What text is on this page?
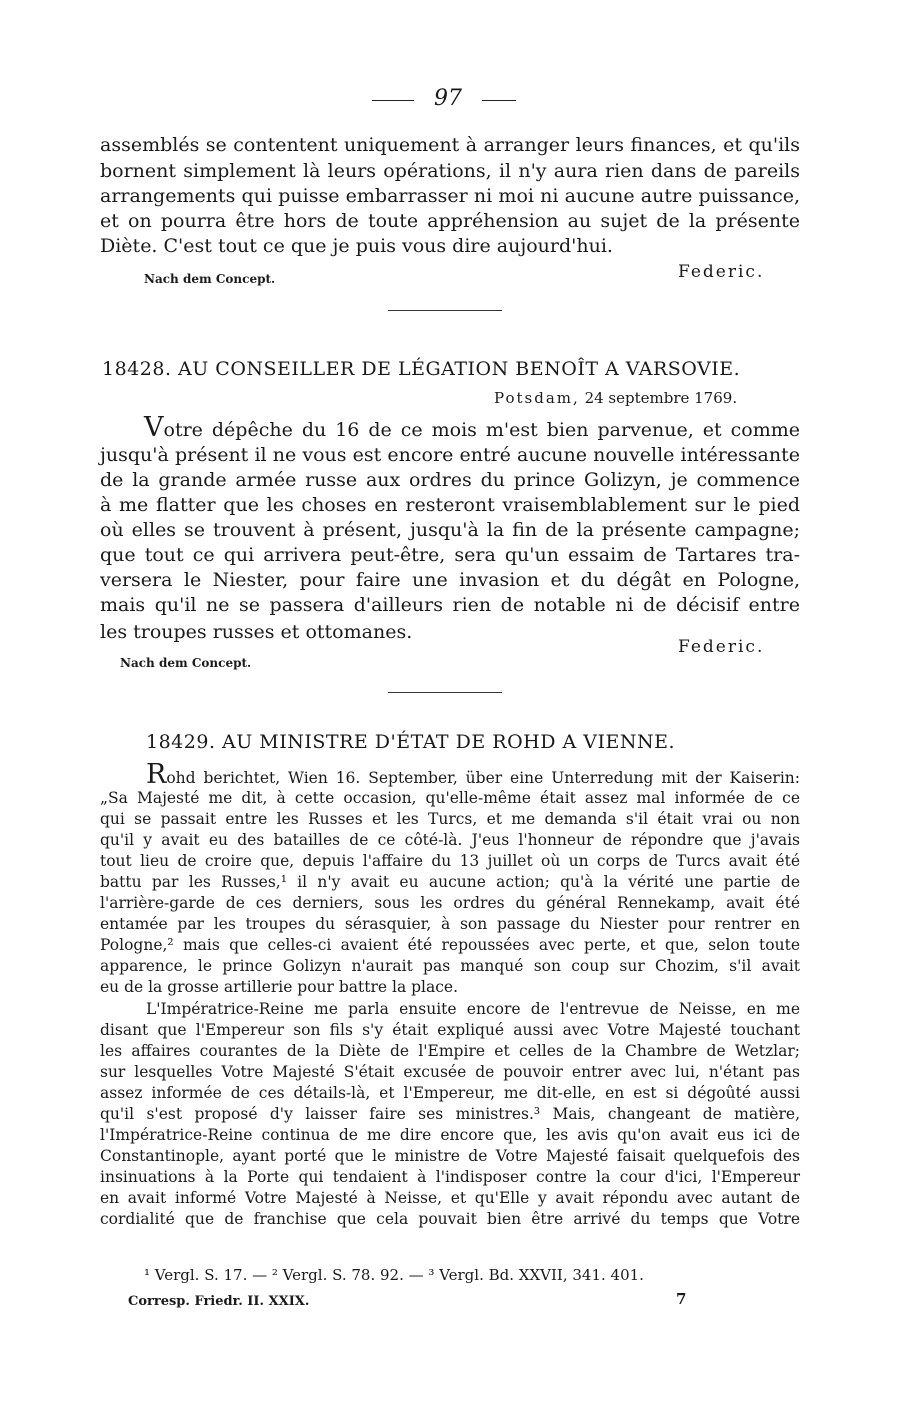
97
assemblés se contentent uniquement à arranger leurs finances, et qu'ils
bornent simplement là leurs opérations, il n'y aura rien dans de pareils
arrangements qui puisse embarrasser ni moi ni aucune autre puissance,
et on pourra être hors de toute appréhension au sujet de la présente
Diète. C'est tout ce que je puis vous dire aujourd'hui.
Nach dem Concept.	Federic.
18428. AU CONSEILLER DE LÉGATION BENOÎT A VARSOVIE.
Potsdam, 24 septembre 1769.
Votre dépêche du 16 de ce mois m'est bien parvenue, et comme
jusqu'à présent il ne vous est encore entré aucune nouvelle intéressante
de la grande armée russe aux ordres du prince Golizyn, je commence
à me flatter que les choses en resteront vraisemblablement sur le pied
où elles se trouvent à présent, jusqu'à la fin de la présente campagne;
que tout ce qui arrivera peut-être, sera qu'un essaim de Tartares tra-
versera le Niester, pour faire une invasion et du dégât en Pologne,
mais qu'il ne se passera d'ailleurs rien de notable ni de décisif entre
les troupes russes et ottomanes.
Federic.
Nach dem Concept.
18429. AU MINISTRE D'ÉTAT DE ROHD A VIENNE.
Rohd berichtet, Wien 16. September, über eine Unterredung mit der Kaiserin:
„Sa Majesté me dit, à cette occasion, qu'elle-même était assez mal informée de ce
qui se passait entre les Russes et les Turcs, et me demanda s'il était vrai ou non
qu'il y avait eu des batailles de ce côté-là. J'eus l'honneur de répondre que j'avais
tout lieu de croire que, depuis l'affaire du 13 juillet où un corps de Turcs avait été
battu par les Russes,¹ il n'y avait eu aucune action; qu'à la vérité une partie de
l'arrière-garde de ces derniers, sous les ordres du général Rennekamp, avait été
entamée par les troupes du sérasquier, à son passage du Niester pour rentrer en
Pologne,² mais que celles-ci avaient été repoussées avec perte, et que, selon toute
apparence, le prince Golizyn n'aurait pas manqué son coup sur Chozim, s'il avait
eu de la grosse artillerie pour battre la place.
L'Impératrice-Reine me parla ensuite encore de l'entrevue de Neisse, en me
disant que l'Empereur son fils s'y était expliqué aussi avec Votre Majesté touchant
les affaires courantes de la Diète de l'Empire et celles de la Chambre de Wetzlar;
sur lesquelles Votre Majesté S'était excusée de pouvoir entrer avec lui, n'étant pas
assez informée de ces détails-là, et l'Empereur, me dit-elle, en est si dégoûté aussi
qu'il s'est proposé d'y laisser faire ses ministres.³ Mais, changeant de matière,
l'Impératrice-Reine continua de me dire encore que, les avis qu'on avait eus ici de
Constantinople, ayant porté que le ministre de Votre Majesté faisait quelquefois des
insinuations à la Porte qui tendaient à l'indisposer contre la cour d'ici, l'Empereur
en avait informé Votre Majesté à Neisse, et qu'Elle y avait répondu avec autant de
cordialité que de franchise que cela pouvait bien être arrivé du temps que Votre
¹ Vergl. S. 17. — ² Vergl. S. 78. 92. — ³ Vergl. Bd. XXVII, 341. 401.
Corresp. Friedr. II. XXIX.	7
